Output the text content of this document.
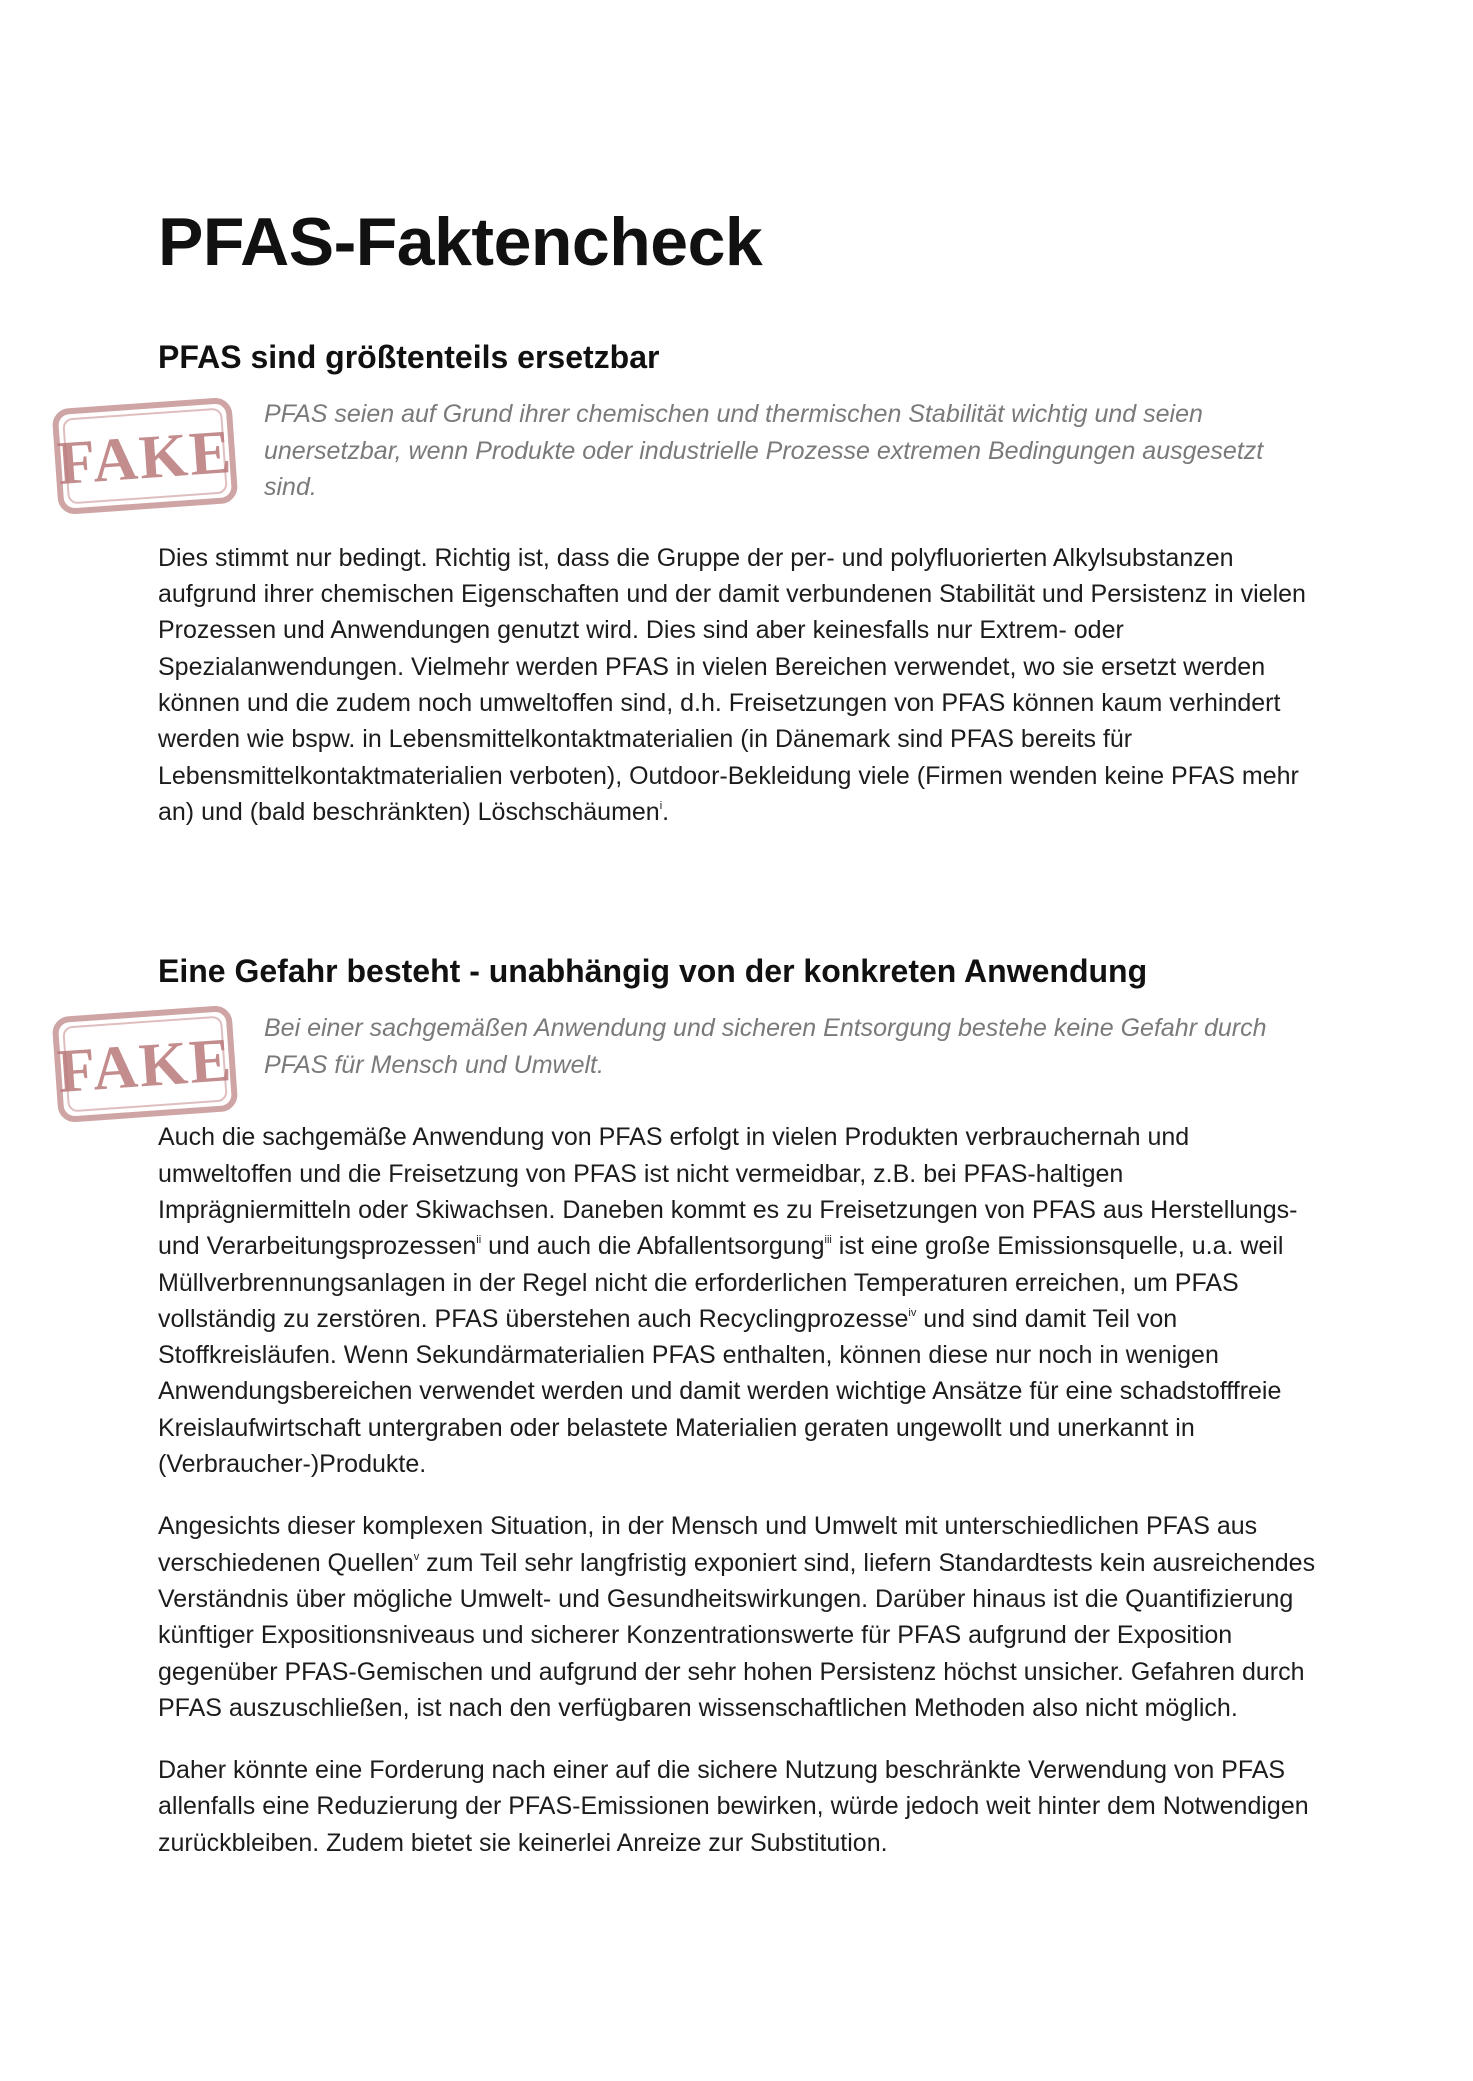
PFAS-Faktencheck
PFAS sind größtenteils ersetzbar
FAKE

PFAS seien auf Grund ihrer chemischen und thermischen Stabilität wichtig und seien unersetzbar, wenn Produkte oder industrielle Prozesse extremen Bedingungen ausgesetzt sind.

Dies stimmt nur bedingt. Richtig ist, dass die Gruppe der per- und polyfluorierten Alkylsubstanzen aufgrund ihrer chemischen Eigenschaften und der damit verbundenen Stabilität und Persistenz in vielen Prozessen und Anwendungen genutzt wird. Dies sind aber keinesfalls nur Extrem- oder Spezialanwendungen. Vielmehr werden PFAS in vielen Bereichen verwendet, wo sie ersetzt werden können und die zudem noch umweltoffen sind, d.h. Freisetzungen von PFAS können kaum verhindert werden wie bspw. in Lebensmittelkontaktmaterialien (in Dänemark sind PFAS bereits für Lebensmittelkontaktmaterialien verboten), Outdoor-Bekleidung viele (Firmen wenden keine PFAS mehr an) und (bald beschränkten) Löschschäumen$^i$.

Eine Gefahr besteht - unabhängig von der konkreten Anwendung
FAKE Bei einer sachgemäßen Anwendung und sicheren Entsorgung bestehe keine Gefahr durch PFAS für Mensch und Umwelt.

Auch die sachgemäße Anwendung von PFAS erfolgt in vielen Produkten verbrauchernah und umweltoffen und die Freisetzung von PFAS ist nicht vermeidbar, z.B. bei PFAS-haltigen Imprägniermitteln oder Skiwachsen. Daneben kommt es zu Freisetzungen von PFAS aus Herstellungs- und Verarbeitungsprozessen$^{ii}$ und auch die Abfallentsorgung$^{iii}$ ist eine große Emissionsquelle, u.a. weil Müllverbrennungsanlagen in der Regel nicht die erforderlichen Temperaturen erreichen, um PFAS vollständig zu zerstören. PFAS überstehen auch Recyclingprozesse$^{iv}$ und sind damit Teil von Stoffkreisläufen. Wenn Sekundärmaterialien PFAS enthalten, können diese nur noch in wenigen Anwendungsbereichen verwendet werden und damit werden wichtige Ansätze für eine schadstofffreie Kreislaufwirtschaft untergraben oder belastete Materialien geraten ungewollt und unerkannt in (Verbraucher-)Produkte.

Angesichts dieser komplexen Situation, in der Mensch und Umwelt mit unterschiedlichen PFAS aus verschiedenen Quellen$^v$ zum Teil sehr langfristig exponiert sind, liefern Standardtests kein ausreichendes Verständnis über mögliche Umwelt- und Gesundheitswirkungen. Darüber hinaus ist die Quantifizierung künftiger Expositionsniveaus und sicherer Konzentrationswerte für PFAS aufgrund der Exposition gegenüber PFAS-Gemischen und aufgrund der sehr hohen Persistenz höchst unsicher. Gefahren durch PFAS auszuschließen, ist nach den verfügbaren wissenschaftlichen Methoden also nicht möglich.

Daher könnte eine Forderung nach einer auf die sichere Nutzung beschränkte Verwendung von PFAS allenfalls eine Reduzierung der PFAS-Emissionen bewirken, würde jedoch weit hinter dem Notwendigen zurückbleiben. Zudem bietet sie keinerlei Anreize zur Substitution.
